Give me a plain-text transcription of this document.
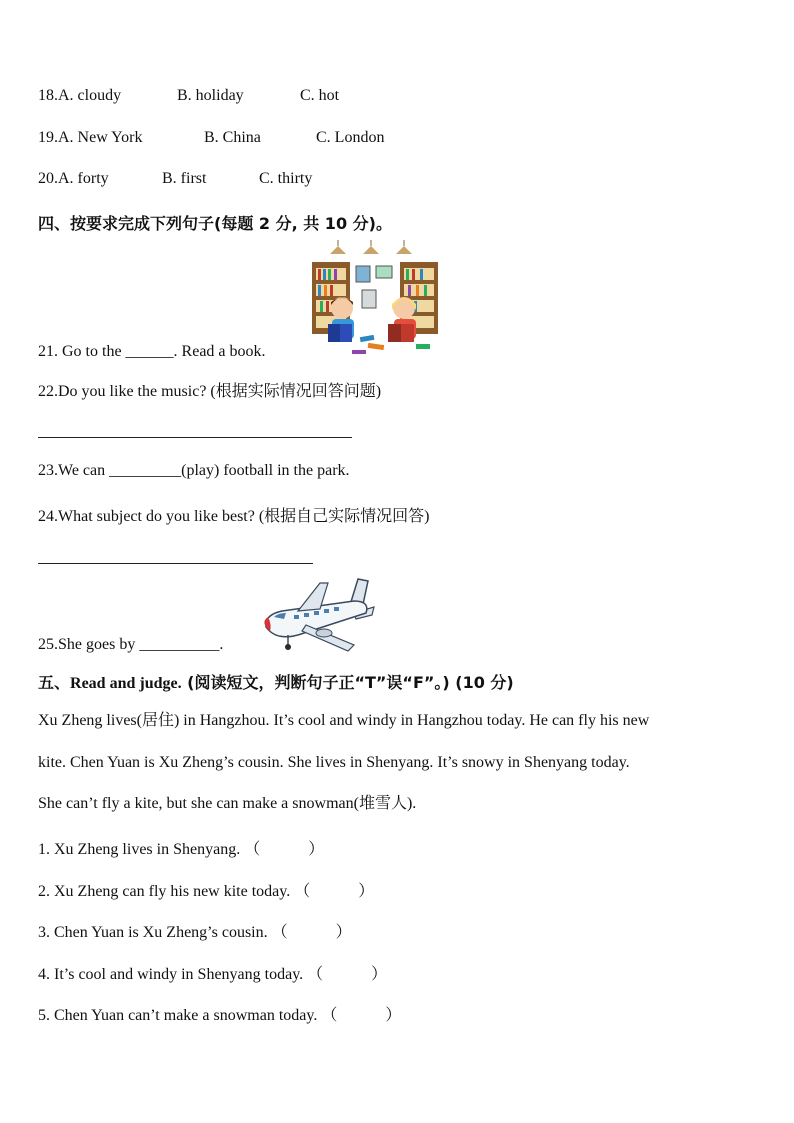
18.A. cloudy	B. holiday	C. hot
19.A. New York	B. China	C. London
20.A. forty	B. first	C. thirty
四、按要求完成下列句子(每题 2 分, 共 10 分)。
21. Go to the ______. Read a book.
22.Do you like the music? (根据实际情况回答问题)
23.We can _________(play) football in the park.
24.What subject do you like best? (根据自己实际情况回答)
25.She goes by __________.
五、Read and judge. (阅读短文，判断句子正“T”误“F”。) (10 分)
Xu Zheng lives(居住) in Hangzhou. It’s cool and windy in Hangzhou today. He can fly his new
kite. Chen Yuan is Xu Zheng’s cousin. She lives in Shenyang. It’s snowy in Shenyang today.
She can’t fly a kite, but she can make a snowman(堆雪人).
1. Xu Zheng lives in Shenyang. （　　　）
2. Xu Zheng can fly his new kite today. （　　　）
3. Chen Yuan is Xu Zheng’s cousin. （　　　）
4. It’s cool and windy in Shenyang today. （　　　）
5. Chen Yuan can’t make a snowman today. （　　　）
